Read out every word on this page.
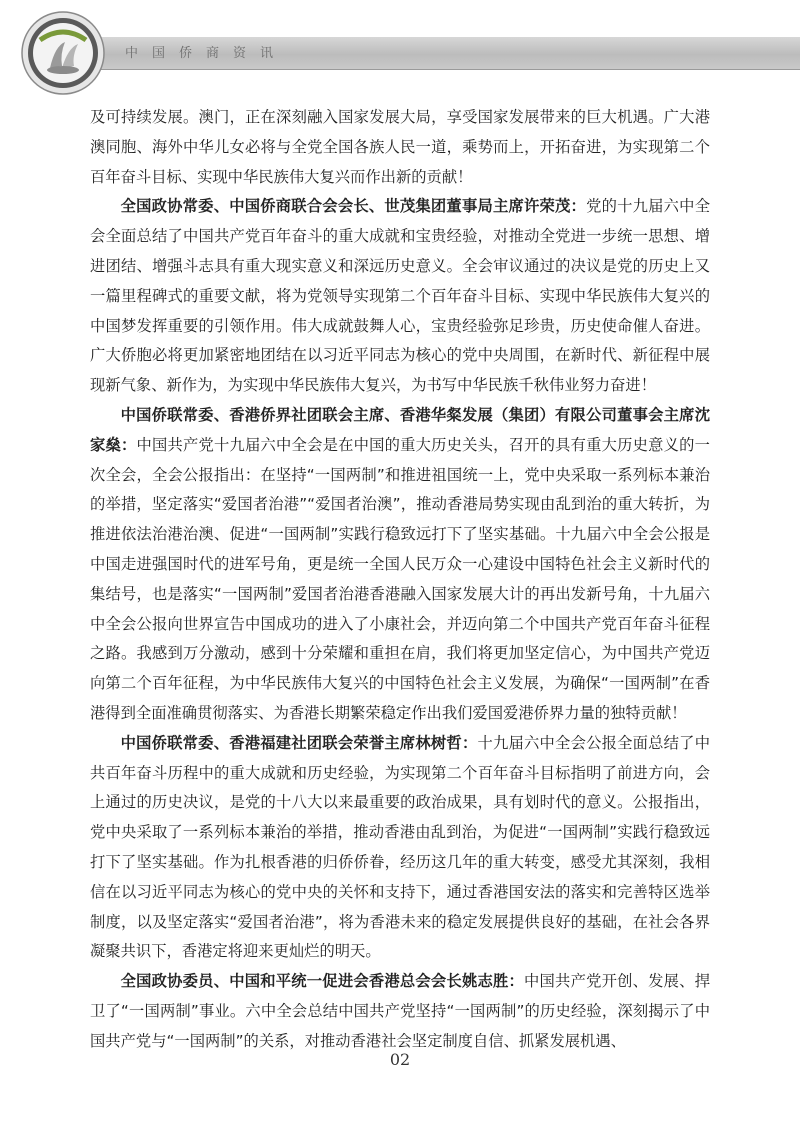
中国侨商资讯

及可持续发展。澳门，正在深刻融入国家发展大局，享受国家发展带来的巨大机遇。广大港澳同胞、海外中华儿女必将与全党全国各族人民一道，乘势而上，开拓奋进，为实现第二个百年奋斗目标、实现中华民族伟大复兴而作出新的贡献！

全国政协常委、中国侨商联合会会长、世茂集团董事局主席许荣茂：党的十九届六中全会全面总结了中国共产党百年奋斗的重大成就和宝贵经验，对推动全党进一步统一思想、增进团结、增强斗志具有重大现实意义和深远历史意义。全会审议通过的决议是党的历史上又一篇里程碑式的重要文献，将为党领导实现第二个百年奋斗目标、实现中华民族伟大复兴的中国梦发挥重要的引领作用。伟大成就鼓舞人心，宝贵经验弥足珍贵，历史使命催人奋进。广大侨胞必将更加紧密地团结在以习近平同志为核心的党中央周围，在新时代、新征程中展现新气象、新作为，为实现中华民族伟大复兴，为书写中华民族千秋伟业努力奋进！

中国侨联常委、香港侨界社团联会主席、香港华粲发展（集团）有限公司董事会主席沈家燊：中国共产党十九届六中全会是在中国的重大历史关头，召开的具有重大历史意义的一次全会，全会公报指出：在坚持“一国两制”和推进祖国统一上，党中央采取一系列标本兼治的举措，坚定落实“爱国者治港”“爱国者治澳”，推动香港局势实现由乱到治的重大转折，为推进依法治港治澳、促进“一国两制”实践行稳致远打下了坚实基础。十九届六中全会公报是中国走进强国时代的进军号角，更是统一全国人民万众一心建设中国特色社会主义新时代的集结号，也是落实“一国两制”爱国者治港香港融入国家发展大计的再出发新号角，十九届六中全会公报向世界宣告中国成功的进入了小康社会，并迈向第二个中国共产党百年奋斗征程之路。我感到万分激动，感到十分荣耀和重担在肩，我们将更加坚定信心，为中国共产党迈向第二个百年征程，为中华民族伟大复兴的中国特色社会主义发展，为确保“一国两制”在香港得到全面准确贯彻落实、为香港长期繁荣稳定作出我们爱国爱港侨界力量的独特贡献！

中国侨联常委、香港福建社团联会荣誉主席林树哲：十九届六中全会公报全面总结了中共百年奋斗历程中的重大成就和历史经验，为实现第二个百年奋斗目标指明了前进方向，会上通过的历史决议，是党的十八大以来最重要的政治成果，具有划时代的意义。公报指出，党中央采取了一系列标本兼治的举措，推动香港由乱到治，为促进“一国两制”实践行稳致远打下了坚实基础。作为扎根香港的归侨侨眷，经历这几年的重大转变，感受尤其深刻，我相信在以习近平同志为核心的党中央的关怀和支持下，通过香港国安法的落实和完善特区选举制度，以及坚定落实“爱国者治港”，将为香港未来的稳定发展提供良好的基础，在社会各界凝聚共识下，香港定将迎来更灿烂的明天。

全国政协委员、中国和平统一促进会香港总会会长姚志胜：中国共产党开创、发展、捍卫了“一国两制”事业。六中全会总结中国共产党坚持“一国两制”的历史经验，深刻揭示了中国共产党与“一国两制”的关系，对推动香港社会坚定制度自信、抓紧发展机遇、

02
